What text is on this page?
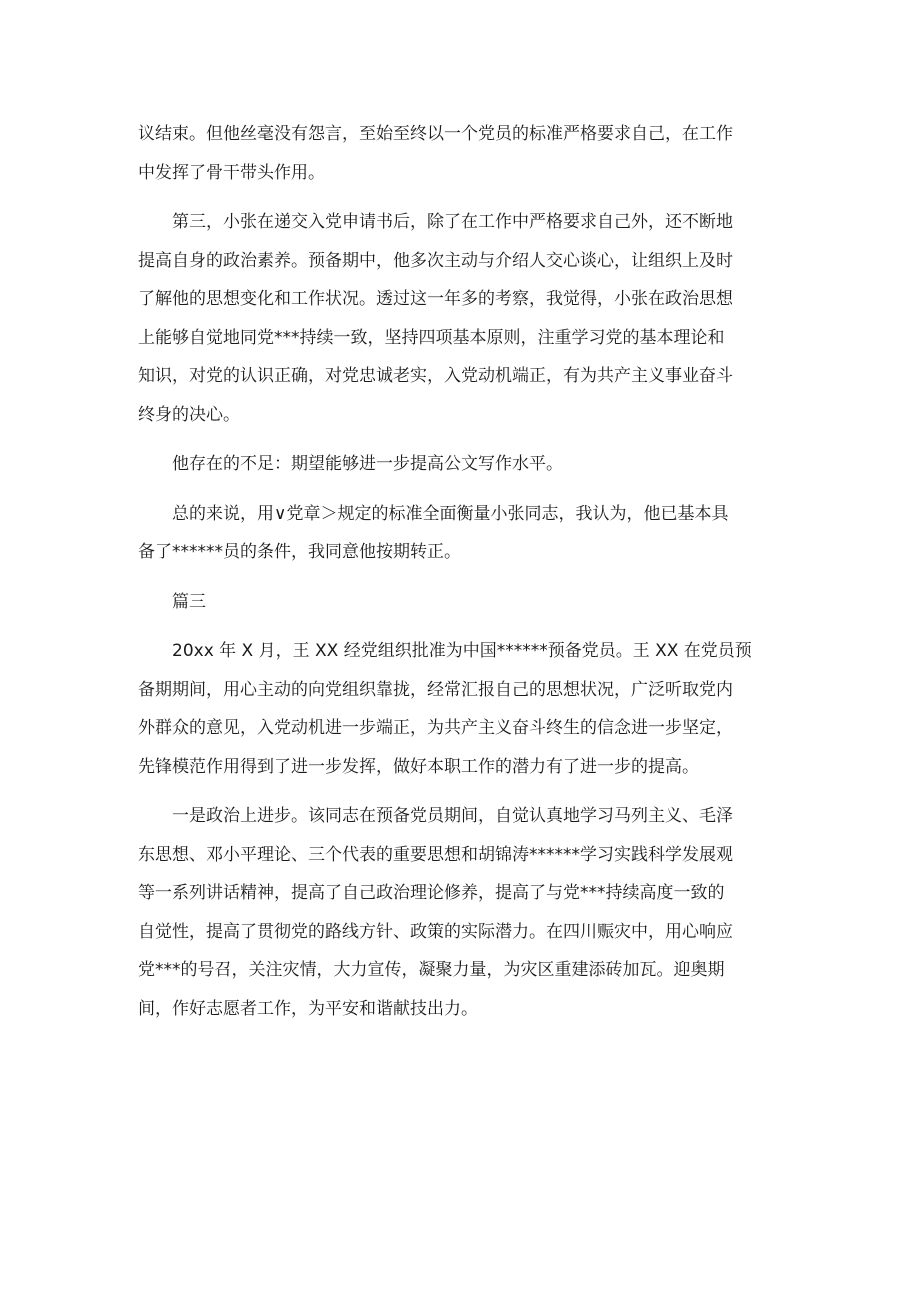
议结束。但他丝毫没有怨言，至始至终以一个党员的标准严格要求自己，在工作
中发挥了骨干带头作用。
第三，小张在递交入党申请书后，除了在工作中严格要求自己外，还不断地
提高自身的政治素养。预备期中，他多次主动与介绍人交心谈心，让组织上及时
了解他的思想变化和工作状况。透过这一年多的考察，我觉得，小张在政治思想
上能够自觉地同党***持续一致，坚持四项基本原则，注重学习党的基本理论和
知识，对党的认识正确，对党忠诚老实，入党动机端正，有为共产主义事业奋斗
终身的决心。
他存在的不足：期望能够进一步提高公文写作水平。
总的来说，用∨党章＞规定的标准全面衡量小张同志，我认为，他已基本具
备了******员的条件，我同意他按期转正。
篇三
20xx 年 X 月，王 XX 经党组织批准为中国******预备党员。王 XX 在党员预
备期期间，用心主动的向党组织靠拢，经常汇报自己的思想状况，广泛听取党内
外群众的意见，入党动机进一步端正，为共产主义奋斗终生的信念进一步坚定，
先锋模范作用得到了进一步发挥，做好本职工作的潜力有了进一步的提高。
一是政治上进步。该同志在预备党员期间，自觉认真地学习马列主义、毛泽
东思想、邓小平理论、三个代表的重要思想和胡锦涛******学习实践科学发展观
等一系列讲话精神，提高了自己政治理论修养，提高了与党***持续高度一致的
自觉性，提高了贯彻党的路线方针、政策的实际潜力。在四川赈灾中，用心响应
党***的号召，关注灾情，大力宣传，凝聚力量，为灾区重建添砖加瓦。迎奥期
间，作好志愿者工作，为平安和谐献技出力。
